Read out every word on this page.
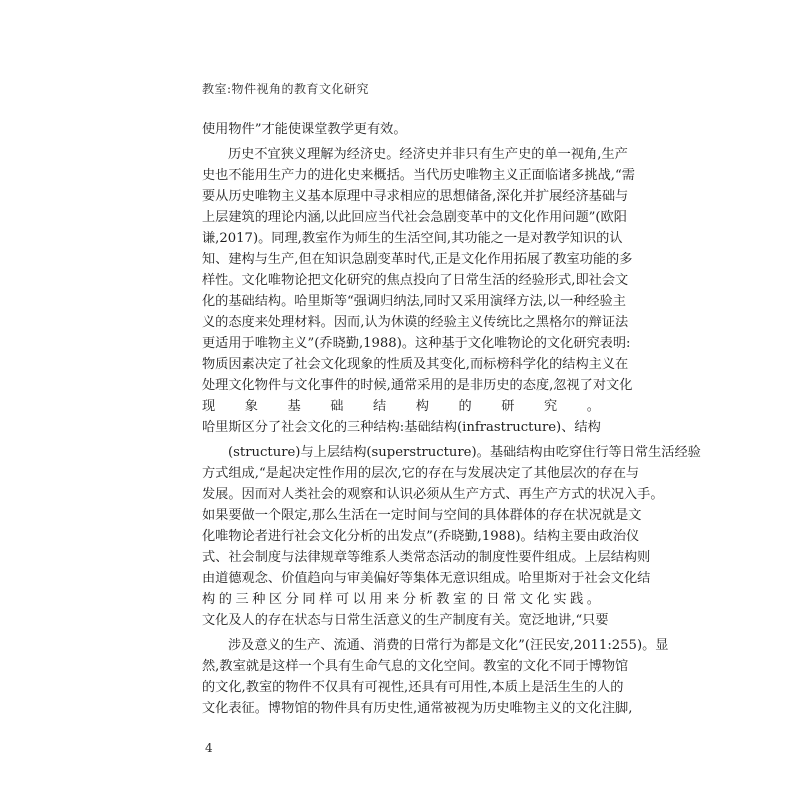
教室:物件视角的教育文化研究
使用物件”才能使课堂教学更有效。
历史不宜狭义理解为经济史。经济史并非只有生产史的单一视角,生产
史也不能用生产力的进化史来概括。当代历史唯物主义正面临诸多挑战,“需
要从历史唯物主义基本原理中寻求相应的思想储备,深化并扩展经济基础与
上层建筑的理论内涵,以此回应当代社会急剧变革中的文化作用问题”(欧阳
谦,2017)。同理,教室作为师生的生活空间,其功能之一是对教学知识的认
知、建构与生产,但在知识急剧变革时代,正是文化作用拓展了教室功能的多
样性。文化唯物论把文化研究的焦点投向了日常生活的经验形式,即社会文
化的基础结构。哈里斯等“强调归纳法,同时又采用演绎方法,以一种经验主
义的态度来处理材料。因而,认为休谟的经验主义传统比之黑格尔的辩证法
更适用于唯物主义”(乔晓勤,1988)。这种基于文化唯物论的文化研究表明:
物质因素决定了社会文化现象的性质及其变化,而标榜科学化的结构主义在
处理文化物件与文化事件的时候,通常采用的是非历史的态度,忽视了对文化
现象基础结构的研究。
哈里斯区分了社会文化的三种结构:基础结构(infrastructure)、结构
(structure)与上层结构(superstructure)。基础结构由吃穿住行等日常生活经验
方式组成,“是起决定性作用的层次,它的存在与发展决定了其他层次的存在与
发展。因而对人类社会的观察和认识必须从生产方式、再生产方式的状况入手。
如果要做一个限定,那么生活在一定时间与空间的具体群体的存在状况就是文
化唯物论者进行社会文化分析的出发点”(乔晓勤,1988)。结构主要由政治仪
式、社会制度与法律规章等维系人类常态活动的制度性要件组成。上层结构则
由道德观念、价值趋向与审美偏好等集体无意识组成。哈里斯对于社会文化结
构的三种区分同样可以用来分析教室的日常文化实践。
文化及人的存在状态与日常生活意义的生产制度有关。宽泛地讲,“只要
涉及意义的生产、流通、消费的日常行为都是文化”(汪民安,2011:255)。显
然,教室就是这样一个具有生命气息的文化空间。教室的文化不同于博物馆
的文化,教室的物件不仅具有可视性,还具有可用性,本质上是活生生的人的
文化表征。博物馆的物件具有历史性,通常被视为历史唯物主义的文化注脚,
4
